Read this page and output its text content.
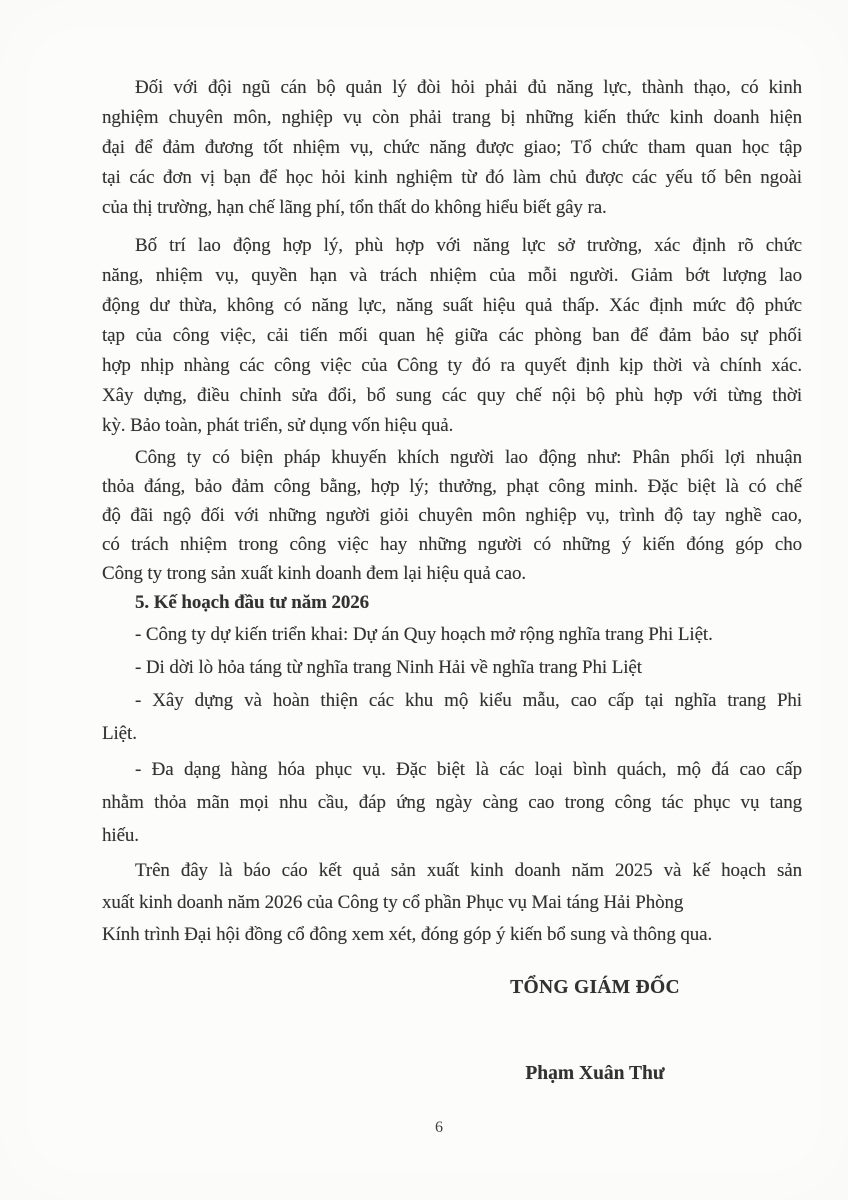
Đối với đội ngũ cán bộ quản lý đòi hỏi phải đủ năng lực, thành thạo, có kinh
nghiệm chuyên môn, nghiệp vụ còn phải trang bị những kiến thức kinh doanh hiện
đại để đảm đương tốt nhiệm vụ, chức năng được giao; Tổ chức tham quan học tập
tại các đơn vị bạn để học hỏi kinh nghiệm từ đó làm chủ được các yếu tố bên ngoài
của thị trường, hạn chế lãng phí, tổn thất do không hiểu biết gây ra.
Bố trí lao động hợp lý, phù hợp với năng lực sở trường, xác định rõ chức
năng, nhiệm vụ, quyền hạn và trách nhiệm của mỗi người. Giảm bớt lượng lao
động dư thừa, không có năng lực, năng suất hiệu quả thấp. Xác định mức độ phức
tạp của công việc, cải tiến mối quan hệ giữa các phòng ban để đảm bảo sự phối
hợp nhịp nhàng các công việc của Công ty đó ra quyết định kịp thời và chính xác.
Xây dựng, điều chỉnh sửa đổi, bổ sung các quy chế nội bộ phù hợp với từng thời
kỳ. Bảo toàn, phát triển, sử dụng vốn hiệu quả.
Công ty có biện pháp khuyến khích người lao động như: Phân phối lợi nhuận
thỏa đáng, bảo đảm công bằng, hợp lý; thưởng, phạt công minh. Đặc biệt là có chế
độ đãi ngộ đối với những người giỏi chuyên môn nghiệp vụ, trình độ tay nghề cao,
có trách nhiệm trong công việc hay những người có những ý kiến đóng góp cho
Công ty trong sản xuất kinh doanh đem lại hiệu quả cao.
5. Kế hoạch đầu tư năm 2026
- Công ty dự kiến triển khai: Dự án Quy hoạch mở rộng nghĩa trang Phi Liệt.
- Di dời lò hỏa táng từ nghĩa trang Ninh Hải về nghĩa trang Phi Liệt
- Xây dựng và hoàn thiện các khu mộ kiểu mẫu, cao cấp tại nghĩa trang Phi
Liệt.
- Đa dạng hàng hóa phục vụ. Đặc biệt là các loại bình quách, mộ đá cao cấp
nhằm thỏa mãn mọi nhu cầu, đáp ứng ngày càng cao trong công tác phục vụ tang
hiếu.
Trên đây là báo cáo kết quả sản xuất kinh doanh năm 2025 và kế hoạch sản
xuất kinh doanh năm 2026 của Công ty cổ phần Phục vụ Mai táng Hải Phòng
Kính trình Đại hội đồng cổ đông xem xét, đóng góp ý kiến bổ sung và thông qua.
TỔNG GIÁM ĐỐC
Phạm Xuân Thư
6
